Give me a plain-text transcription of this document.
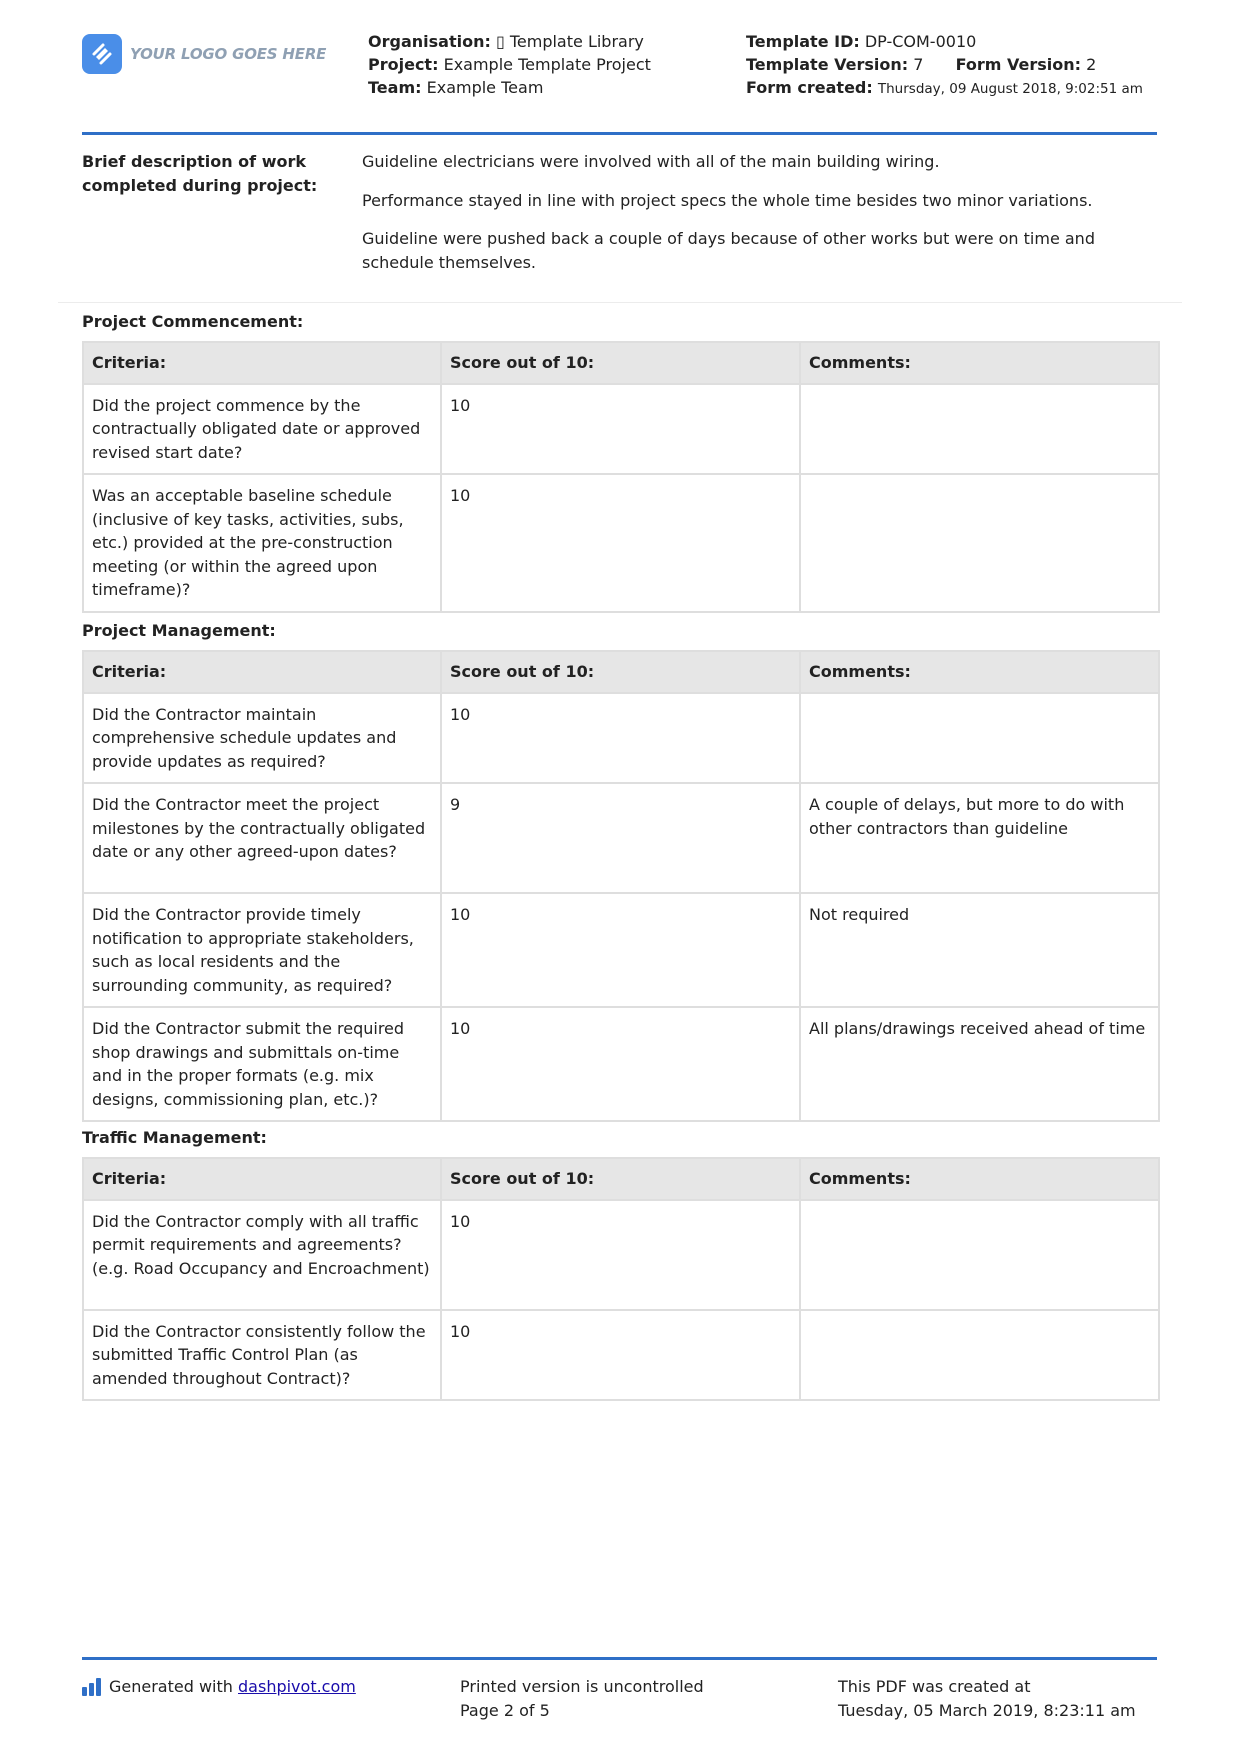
YOUR LOGO GOES HERE
Organisation: ▯ Template Library
Project: Example Template Project
Team: Example Team
Template ID: DP-COM-0010
Template Version: 7 Form Version: 2
Form created: Thursday, 09 August 2018, 9:02:51 am
Brief description of work completed during project:

Guideline electricians were involved with all of the main building wiring.

Performance stayed in line with project specs the whole time besides two minor variations.

Guideline were pushed back a couple of days because of other works but were on time and schedule themselves.

Project Commencement:
Criteria:	Score out of 10:	Comments:
Did the project commence by the contractually obligated date or approved revised start date?	10	
Was an acceptable baseline schedule (inclusive of key tasks, activities, subs, etc.) provided at the pre-construction meeting (or within the agreed upon timeframe)?	10	
Project Management:
Criteria:	Score out of 10:	Comments:
Did the Contractor maintain comprehensive schedule updates and provide updates as required?	10	
Did the Contractor meet the project milestones by the contractually obligated date or any other agreed-upon dates?	9	A couple of delays, but more to do with other contractors than guideline
Did the Contractor provide timely notification to appropriate stakeholders, such as local residents and the surrounding community, as required?	10	Not required
Did the Contractor submit the required shop drawings and submittals on-time and in the proper formats (e.g. mix designs, commissioning plan, etc.)?	10	All plans/drawings received ahead of time
Traffic Management:
Criteria:	Score out of 10:	Comments:
Did the Contractor comply with all traffic permit requirements and agreements? (e.g. Road Occupancy and Encroachment)	10	
Did the Contractor consistently follow the submitted Traffic Control Plan (as amended throughout Contract)?	10	
Generated with
dashpivot.com	Printed version is uncontrolled
Page 2 of 5
This PDF was created at
Tuesday, 05 March 2019, 8:23:11 am
